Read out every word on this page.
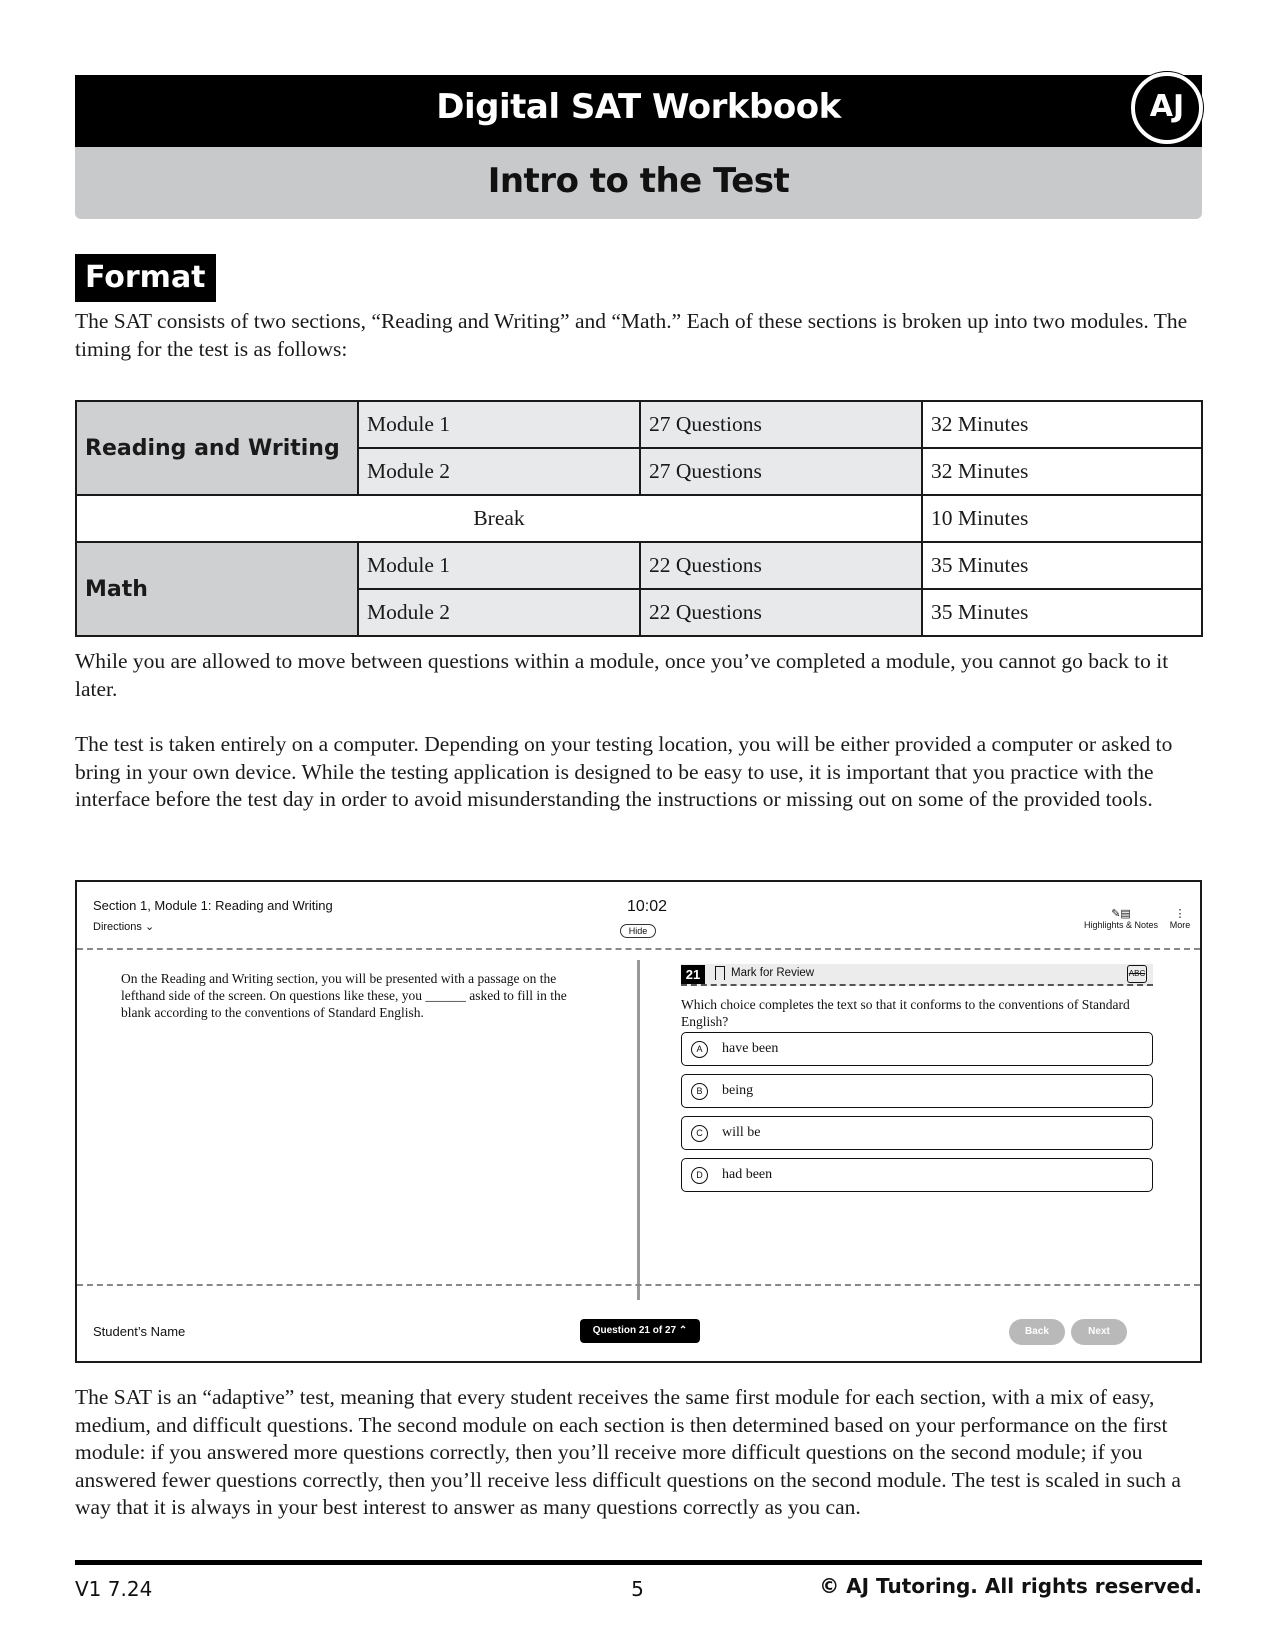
Digital SAT Workbook	AJ
Intro to the Test
Format
The SAT consists of two sections, “Reading and Writing” and “Math.” Each of these sections is broken up into two modules. The timing for the test is as follows:
Reading and Writing	Module 1	27 Questions	32 Minutes
	Module 2	27 Questions	32 Minutes
Break			10 Minutes
Math	Module 1	22 Questions	35 Minutes
	Module 2	22 Questions	35 Minutes
While you are allowed to move between questions within a module, once you’ve completed a module, you cannot go back to it later.
The test is taken entirely on a computer. Depending on your testing location, you will be either provided a computer or asked to bring in your own device. While the testing application is designed to be easy to use, it is important that you practice with the interface before the test day in order to avoid misunderstanding the instructions or missing out on some of the provided tools.
Section 1, Module 1: Reading and Writing
Directions ⌄
10:02
Hide
✎▤
Highlights & Notes
⋮
More
On the Reading and Writing section, you will be presented with a passage on the lefthand side of the screen. On questions like these, you ______ asked to fill in the blank according to the conventions of Standard English.
21	Mark for Review	ABC
Which choice completes the text so that it conforms to the conventions of Standard English?
A	have been
B	being
C	will be
D	had been
Student’s Name	Question 21 of 27 ⌃	Back	Next
The SAT is an “adaptive” test, meaning that every student receives the same first module for each section, with a mix of easy, medium, and difficult questions. The second module on each section is then determined based on your performance on the first module: if you answered more questions correctly, then you’ll receive more difficult questions on the second module; if you answered fewer questions correctly, then you’ll receive less difficult questions on the second module. The test is scaled in such a way that it is always in your best interest to answer as many questions correctly as you can.
V1 7.24	5	© AJ Tutoring. All rights reserved.
